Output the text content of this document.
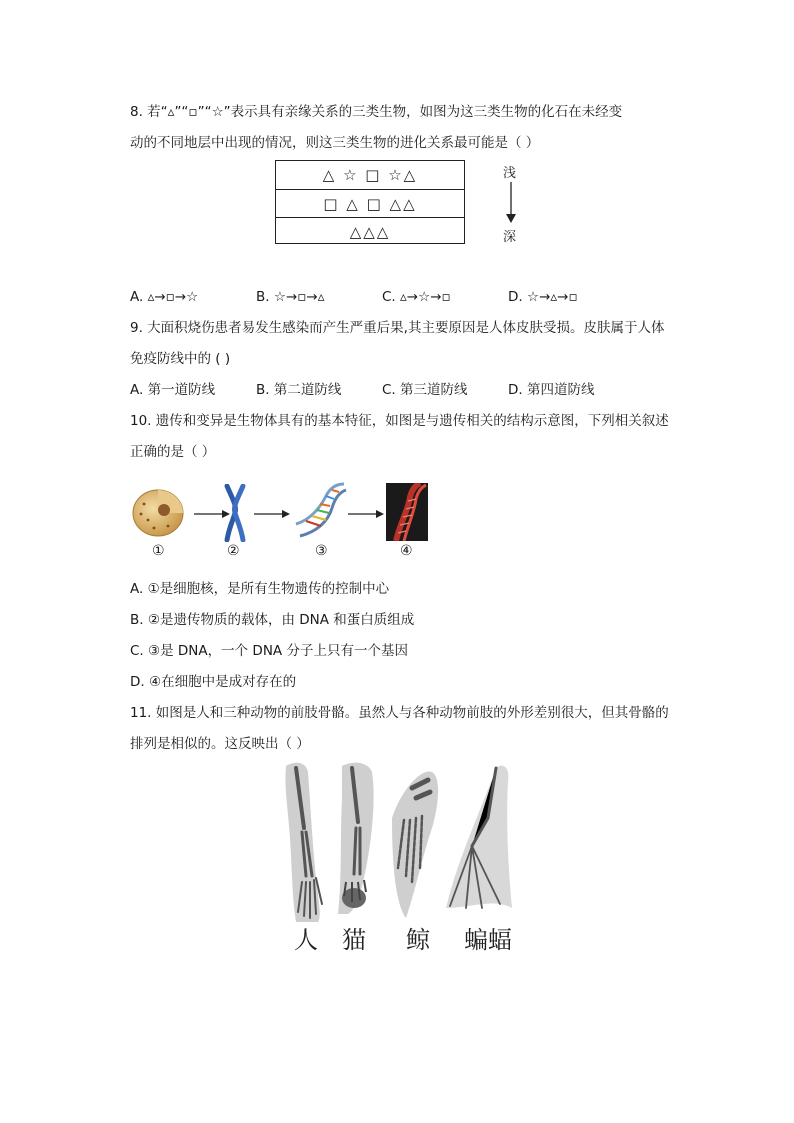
8. 若“▵”“▫”“☆”表示具有亲缘关系的三类生物，如图为这三类生物的化石在未经变
动的不同地层中出现的情况，则这三类生物的进化关系最可能是（ ）
△ ☆ □ ☆△
□ △ □ △△
△△△
浅
深
A. ▵→▫→☆	B. ☆→▫→▵	C. ▵→☆→▫	D. ☆→▵→▫
9. 大面积烧伤患者易发生感染而产生严重后果,其主要原因是人体皮肤受损。皮肤属于人体
免疫防线中的 ( )
A. 第一道防线	B. 第二道防线	C. 第三道防线	D. 第四道防线
10. 遗传和变异是生物体具有的基本特征，如图是与遗传相关的结构示意图，下列相关叙述
正确的是（ ）
①	②	③	④
A. ①是细胞核，是所有生物遗传的控制中心
B. ②是遗传物质的载体，由 DNA 和蛋白质组成
C. ③是 DNA，一个 DNA 分子上只有一个基因
D. ④在细胞中是成对存在的
11. 如图是人和三种动物的前肢骨骼。虽然人与各种动物前肢的外形差别很大，但其骨骼的
排列是相似的。这反映出（ ）
人 猫 鲸 蝙蝠
